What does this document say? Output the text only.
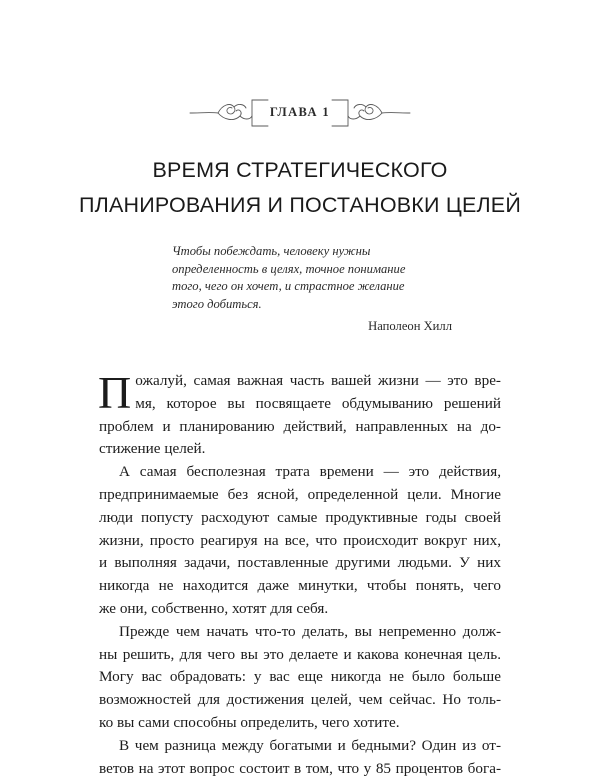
ГЛАВА 1
ВРЕМЯ СТРАТЕГИЧЕСКОГО
ПЛАНИРОВАНИЯ И ПОСТАНОВКИ ЦЕЛЕЙ
Чтобы побеждать, человеку нужны
определенность в целях, точное понимание
того, чего он хочет, и страстное желание
этого добиться.
Наполеон Хилл
П ожалуй, самая важная часть вашей жизни — это вре-
мя, которое вы посвящаете обдумыванию решений
проблем и планированию действий, направленных на до-
стижение целей.
А самая бесполезная трата времени — это действия,
предпринимаемые без ясной, определенной цели. Многие
люди попусту расходуют самые продуктивные годы своей
жизни, просто реагируя на все, что происходит вокруг них,
и выполняя задачи, поставленные другими людьми. У них
никогда не находится даже минутки, чтобы понять, чего
же они, собственно, хотят для себя.
Прежде чем начать что-то делать, вы непременно долж-
ны решить, для чего вы это делаете и какова конечная цель.
Могу вас обрадовать: у вас еще никогда не было больше
возможностей для достижения целей, чем сейчас. Но толь-
ко вы сами способны определить, чего хотите.
В чем разница между богатыми и бедными? Один из от-
ветов на этот вопрос состоит в том, что у 85 процентов бога-
